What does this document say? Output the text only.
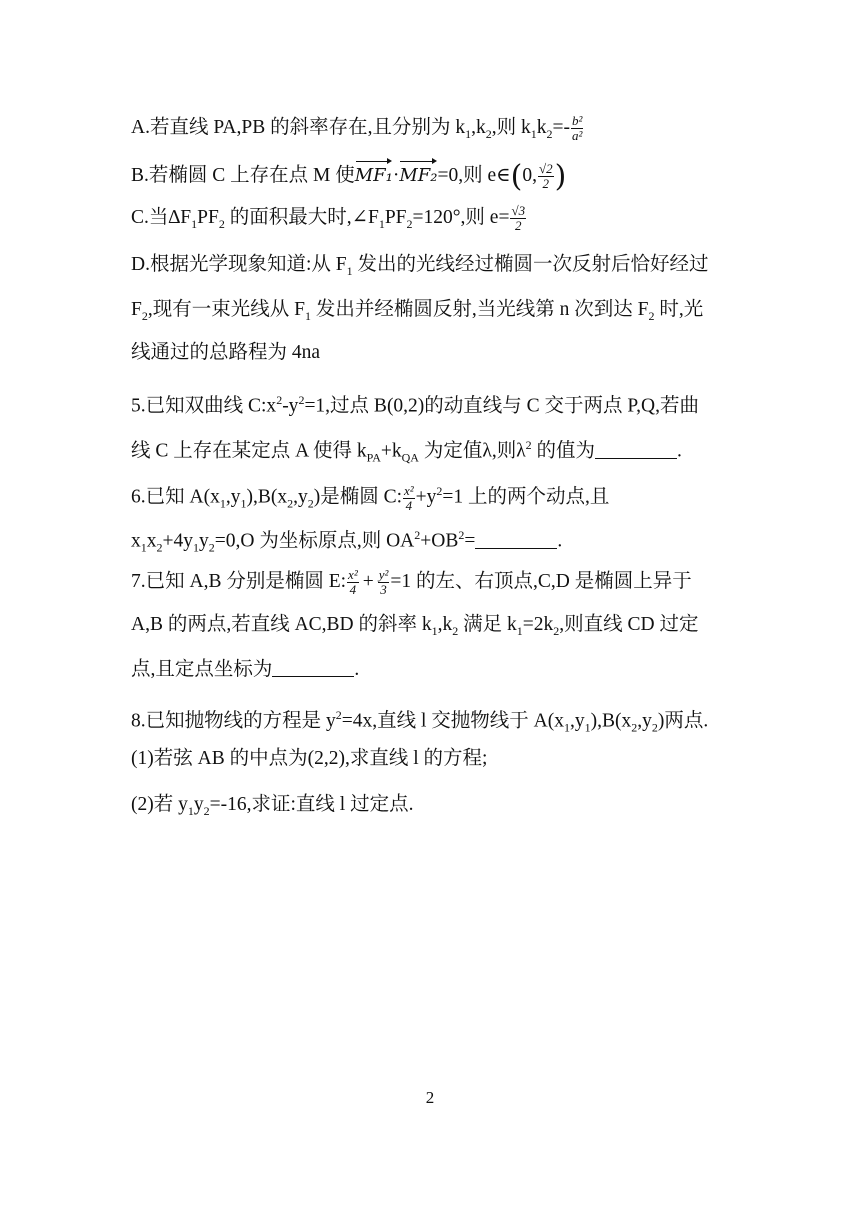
A.若直线 PA,PB 的斜率存在,且分别为 $k_1,k_2$,则 $k_1k_2=- \frac{\text{b²}}{\text{a²}}$
B.若椭圆 C 上存在点 M 使MF₁·MF₂=0,则 e∈(0, $\frac{√2}{2}$ )
C.当$\Delta F_1PF_2$ 的面积最大时$,\angle F_1PF_2=120^\circ$,则 $e= \frac{√3}{2}$
D.根据光学现象知道:从 $F_1$ 发出的光线经过椭圆一次反射后恰好经过
$F_2$,现有一束光线从 $F_1$ 发出并经椭圆反射,当光线第 n 次到达 $F_2$ 时,光
线通过的总路程为 4na
5.已知双曲线 $C:x^2-y^2=1$,过点 B(0,2)的动直线与 C 交于两点 P,Q,若曲
线 C 上存在某定点 A 使得 $k_{PA}+k_{QA}$ 为定值λ,则$\lambda^2$ 的值为	.
6.已知 $A(x_1,y_1),B(x_2,y_2)$是椭圆 C: $\frac{\text{x²}}{4} +y^2=1$ 上的两个动点,且
$x_1x_2+4y_1y_2=0,O$ 为坐标原点,则 $OA^2+OB^2=$	.
7.已知 A,B 分别是椭圆 E: $\frac{\text{x²}}{4} + \frac{\text{y²}}{3} =1$ 的左、右顶点,C,D 是椭圆上异于
A,B 的两点,若直线 AC,BD 的斜率 $k_1,k_2$ 满足 $k_1=2k_2$,则直线 CD 过定
点,且定点坐标为	.
8.已知抛物线的方程是 $y^2=4x$,直线 l 交抛物线于 $A(x_1,y_1),B(x_2,y_2)$两点.
(1)若弦 AB 的中点为(2,2),求直线 l 的方程;
(2)若 $y_1y_2=-16$,求证:直线 l 过定点.
2
